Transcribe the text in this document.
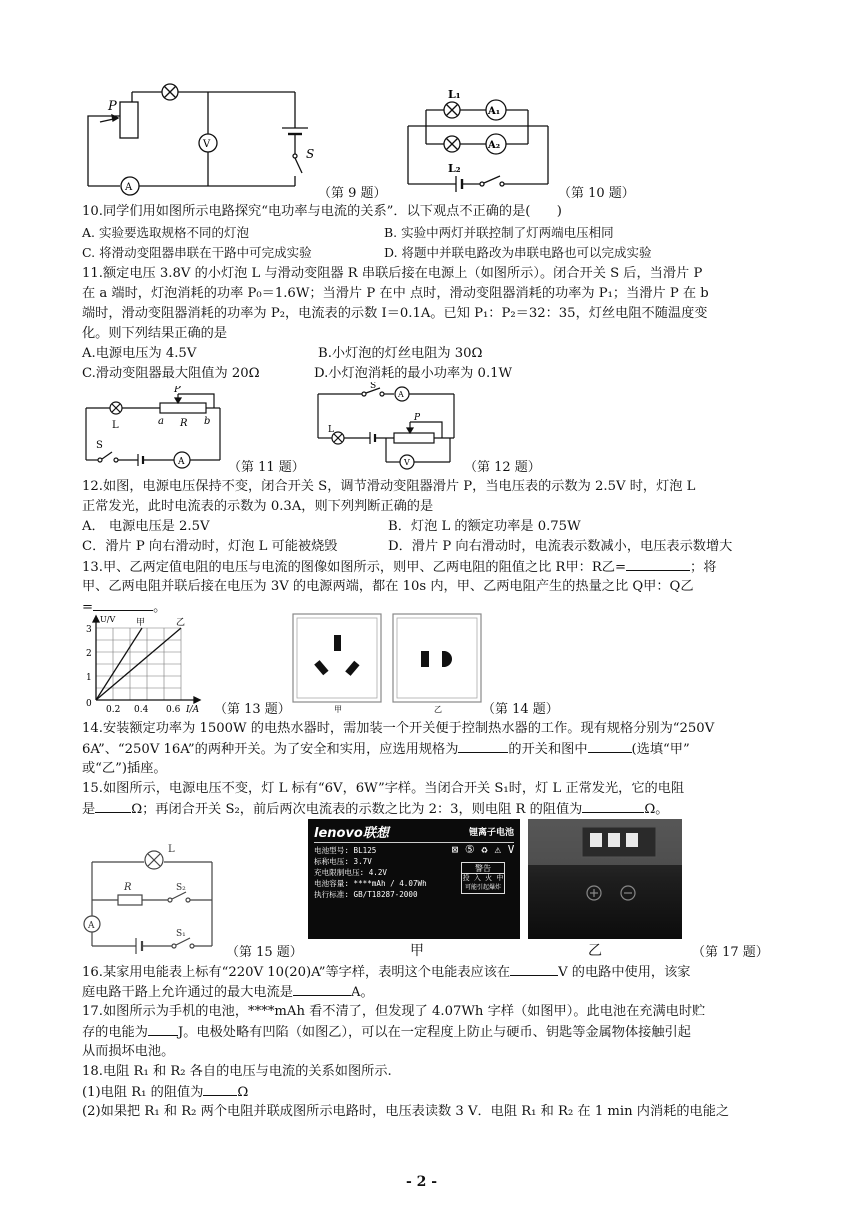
P
V
A
S
（第 9 题）
L₁
L₂
A₁
A₂
（第 10 题）
10.同学们用如图所示电路探究“电功率与电流的关系”．以下观点不正确的是(　　)
A. 实验要选取规格不同的灯泡	B. 实验中两灯并联控制了灯两端电压相同
C. 将滑动变阻器串联在干路中可完成实验	D. 将题中并联电路改为串联电路也可以完成实验
11.额定电压 3.8V 的小灯泡 L 与滑动变阻器 R 串联后接在电源上（如图所示）。闭合开关 S 后，当滑片 P
在 a 端时，灯泡消耗的功率 P₀＝1.6W；当滑片 P 在中 点时，滑动变阻器消耗的功率为 P₁；当滑片 P 在 b
端时，滑动变阻器消耗的功率为 P₂，电流表的示数 I＝0.1A。已知 P₁：P₂＝32：35，灯丝电阻不随温度变
化。则下列结果正确的是
A.电源电压为 4.5V	B.小灯泡的灯丝电阻为 30Ω
C.滑动变阻器最大阻值为 20Ω	D.小灯泡消耗的最小功率为 0.1W
P
L	R
a	b
S
A	（第 11 题）
S
A
L
P
V	（第 12 题）
12.如图，电源电压保持不变，闭合开关 S，调节滑动变阻器滑片 P，当电压表的示数为 2.5V 时，灯泡 L
正常发光，此时电流表的示数为 0.3A，则下列判断正确的是
A． 电源电压是 2.5V	B．灯泡 L 的额定功率是 0.75W
C．滑片 P 向右滑动时，灯泡 L 可能被烧毁	D．滑片 P 向右滑动时，电流表示数减小，电压表示数增大
13.甲、乙两定值电阻的电压与电流的图像如图所示，则甲、乙两电阻的阻值之比 R甲：R乙=	；将
甲、乙两电阻并联后接在电压为 3V 的电源两端，都在 10s 内，甲、乙两电阻产生的热量之比 Q甲：Q乙
=	。
U/V
I/A
0
1
2
3
0.2 0.4 0.6
甲	乙
（第 13 题）	甲	乙	（第 14 题）
14.安装额定功率为 1500W 的电热水器时，需加装一个开关便于控制热水器的工作。现有规格分别为“250V
6A”、“250V 16A”的两种开关。为了安全和实用，应选用规格为	的开关和图中	(选填“甲”
或“乙”)插座。
15.如图所示，电源电压不变，灯 L 标有“6V，6W”字样。当闭合开关 S₁时，灯 L 正常发光，它的电阻
是	Ω；再闭合开关 S₂，前后两次电流表的示数之比为 2：3，则电阻 R 的阻值为	Ω。
L
R	S₂
A
S₁
（第 15 题）
lenovo联想	锂离子电池
电池型号: BL125
标称电压: 3.7V
充电限制电压: 4.2V
电池容量: ****mAh / 4.07Wh
执行标准: GB/T18287-2000
⊠ ⑤ ♻ ⚠ V
警告
投 入 火 中
可能引起爆炸
甲	乙	（第 17 题）
16.某家用电能表上标有“220V 10(20)A”等字样，表明这个电能表应该在	V 的电路中使用，该家
庭电路干路上允许通过的最大电流是	A。
17.如图所示为手机的电池，****mAh 看不清了，但发现了 4.07Wh 字样（如图甲）。此电池在充满电时贮
存的电能为 J。电极处略有凹陷（如图乙），可以在一定程度上防止与硬币、钥匙等金属物体接触引起
从而损坏电池。
18.电阻 R₁ 和 R₂ 各自的电压与电流的关系如图所示.
(1)电阻 R₁ 的阻值为	Ω
(2)如果把 R₁ 和 R₂ 两个电阻并联成图所示电路时，电压表读数 3 V．电阻 R₁ 和 R₂ 在 1 min 内消耗的电能之
- 2 -
